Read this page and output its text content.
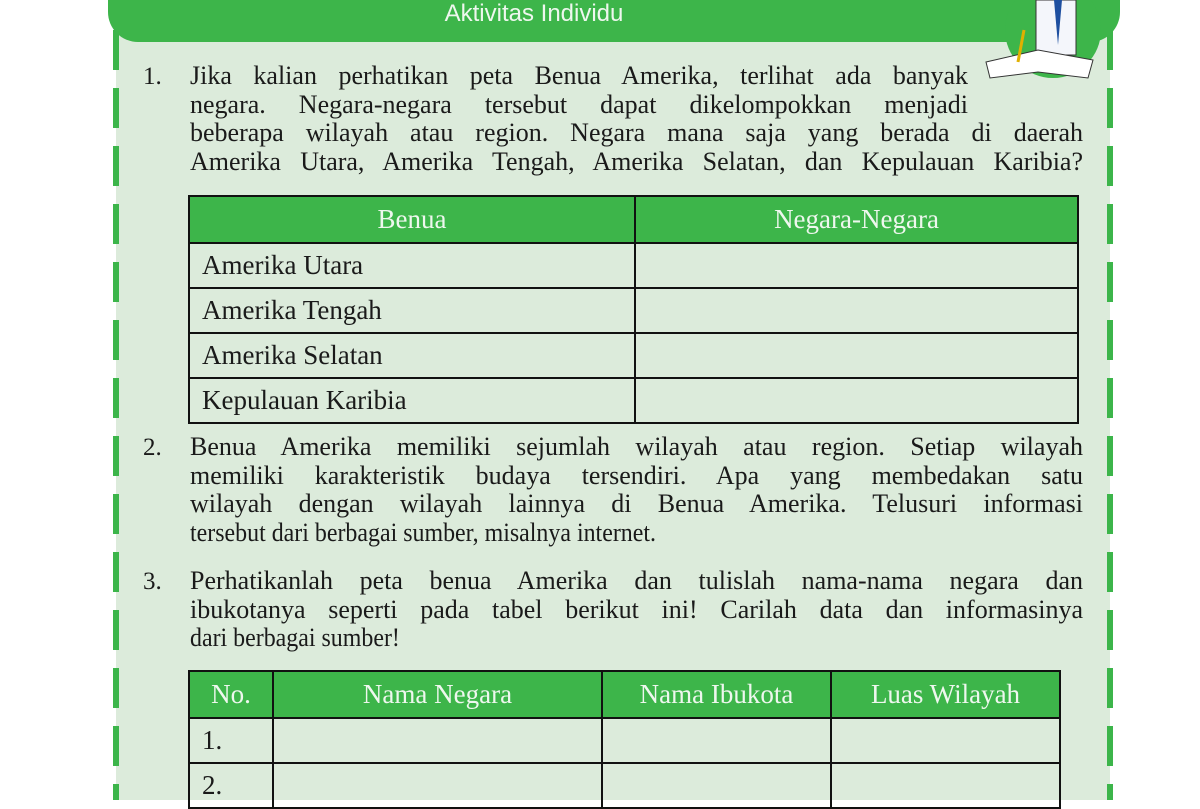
Aktivitas Individu
1. Jika kalian perhatikan peta Benua Amerika, terlihat ada banyak
negara. Negara-negara tersebut dapat dikelompokkan menjadi
beberapa wilayah atau region. Negara mana saja yang berada di daerah
Amerika Utara, Amerika Tengah, Amerika Selatan, dan Kepulauan Karibia?
2. Benua Amerika memiliki sejumlah wilayah atau region. Setiap wilayah
memiliki karakteristik budaya tersendiri. Apa yang membedakan satu
wilayah dengan wilayah lainnya di Benua Amerika. Telusuri informasi
tersebut dari berbagai sumber, misalnya internet.
3. Perhatikanlah peta benua Amerika dan tulislah nama-nama negara dan
ibukotanya seperti pada tabel berikut ini! Carilah data dan informasinya
dari berbagai sumber!
Benua	Negara-Negara
Amerika Utara	
Amerika Tengah	
Amerika Selatan	
Kepulauan Karibia	
No.	Nama Negara	Nama Ibukota	Luas Wilayah
1.			
2.			
